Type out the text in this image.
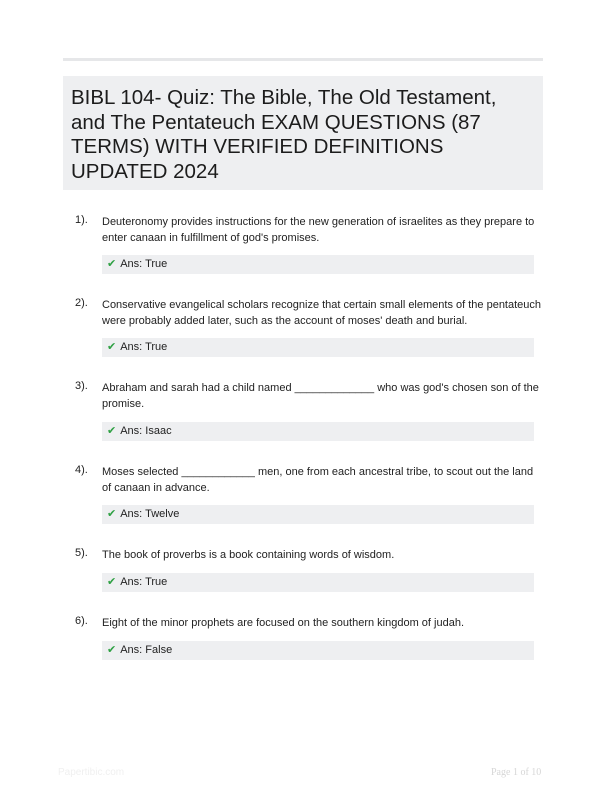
BIBL 104- Quiz: The Bible, The Old Testament, and The Pentateuch EXAM QUESTIONS (87 TERMS) WITH VERIFIED DEFINITIONS UPDATED 2024
1). Deuteronomy provides instructions for the new generation of israelites as they prepare to enter canaan in fulfillment of god's promises.
✔ Ans: True
2). Conservative evangelical scholars recognize that certain small elements of the pentateuch were probably added later, such as the account of moses' death and burial.
✔ Ans: True
3). Abraham and sarah had a child named _____________ who was god's chosen son of the promise.
✔ Ans: Isaac
4). Moses selected ____________ men, one from each ancestral tribe, to scout out the land of canaan in advance.
✔ Ans: Twelve
5). The book of proverbs is a book containing words of wisdom.
✔ Ans: True
6). Eight of the minor prophets are focused on the southern kingdom of judah.
✔ Ans: False
Papertibic.com	Page 1 of 10
